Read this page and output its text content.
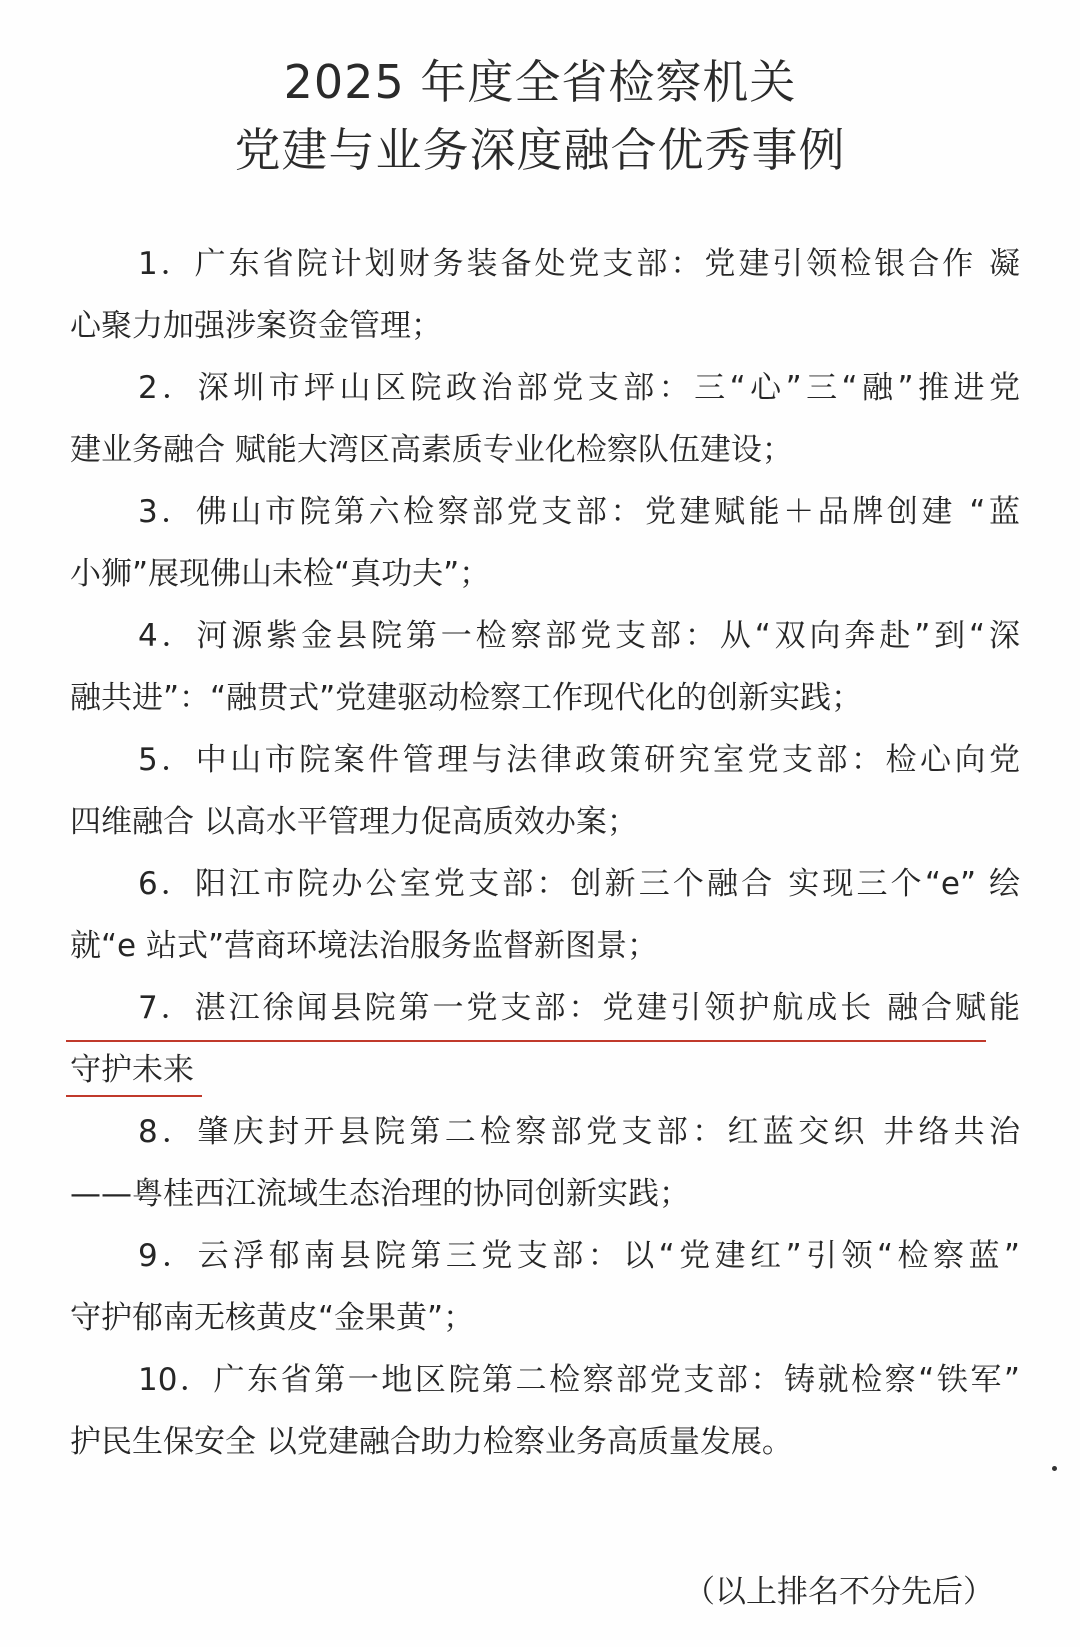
2025 年度全省检察机关
党建与业务深度融合优秀事例
1．广东省院计划财务装备处党支部：党建引领检银合作 凝
心聚力加强涉案资金管理；
2．深圳市坪山区院政治部党支部：三“心”三“融”推进党
建业务融合 赋能大湾区高素质专业化检察队伍建设；
3．佛山市院第六检察部党支部：党建赋能＋品牌创建 “蓝
小狮”展现佛山未检“真功夫”；
4．河源紫金县院第一检察部党支部：从“双向奔赴”到“深
融共进”：“融贯式”党建驱动检察工作现代化的创新实践；
5．中山市院案件管理与法律政策研究室党支部：检心向党
四维融合 以高水平管理力促高质效办案；
6．阳江市院办公室党支部：创新三个融合 实现三个“e” 绘
就“e 站式”营商环境法治服务监督新图景；
7．湛江徐闻县院第一党支部：党建引领护航成长 融合赋能
守护未来
8．肇庆封开县院第二检察部党支部：红蓝交织 井络共治
——粤桂西江流域生态治理的协同创新实践；
9．云浮郁南县院第三党支部：以“党建红”引领“检察蓝”
守护郁南无核黄皮“金果黄”；
10．广东省第一地区院第二检察部党支部：铸就检察“铁军”
护民生保安全 以党建融合助力检察业务高质量发展。
（以上排名不分先后）
